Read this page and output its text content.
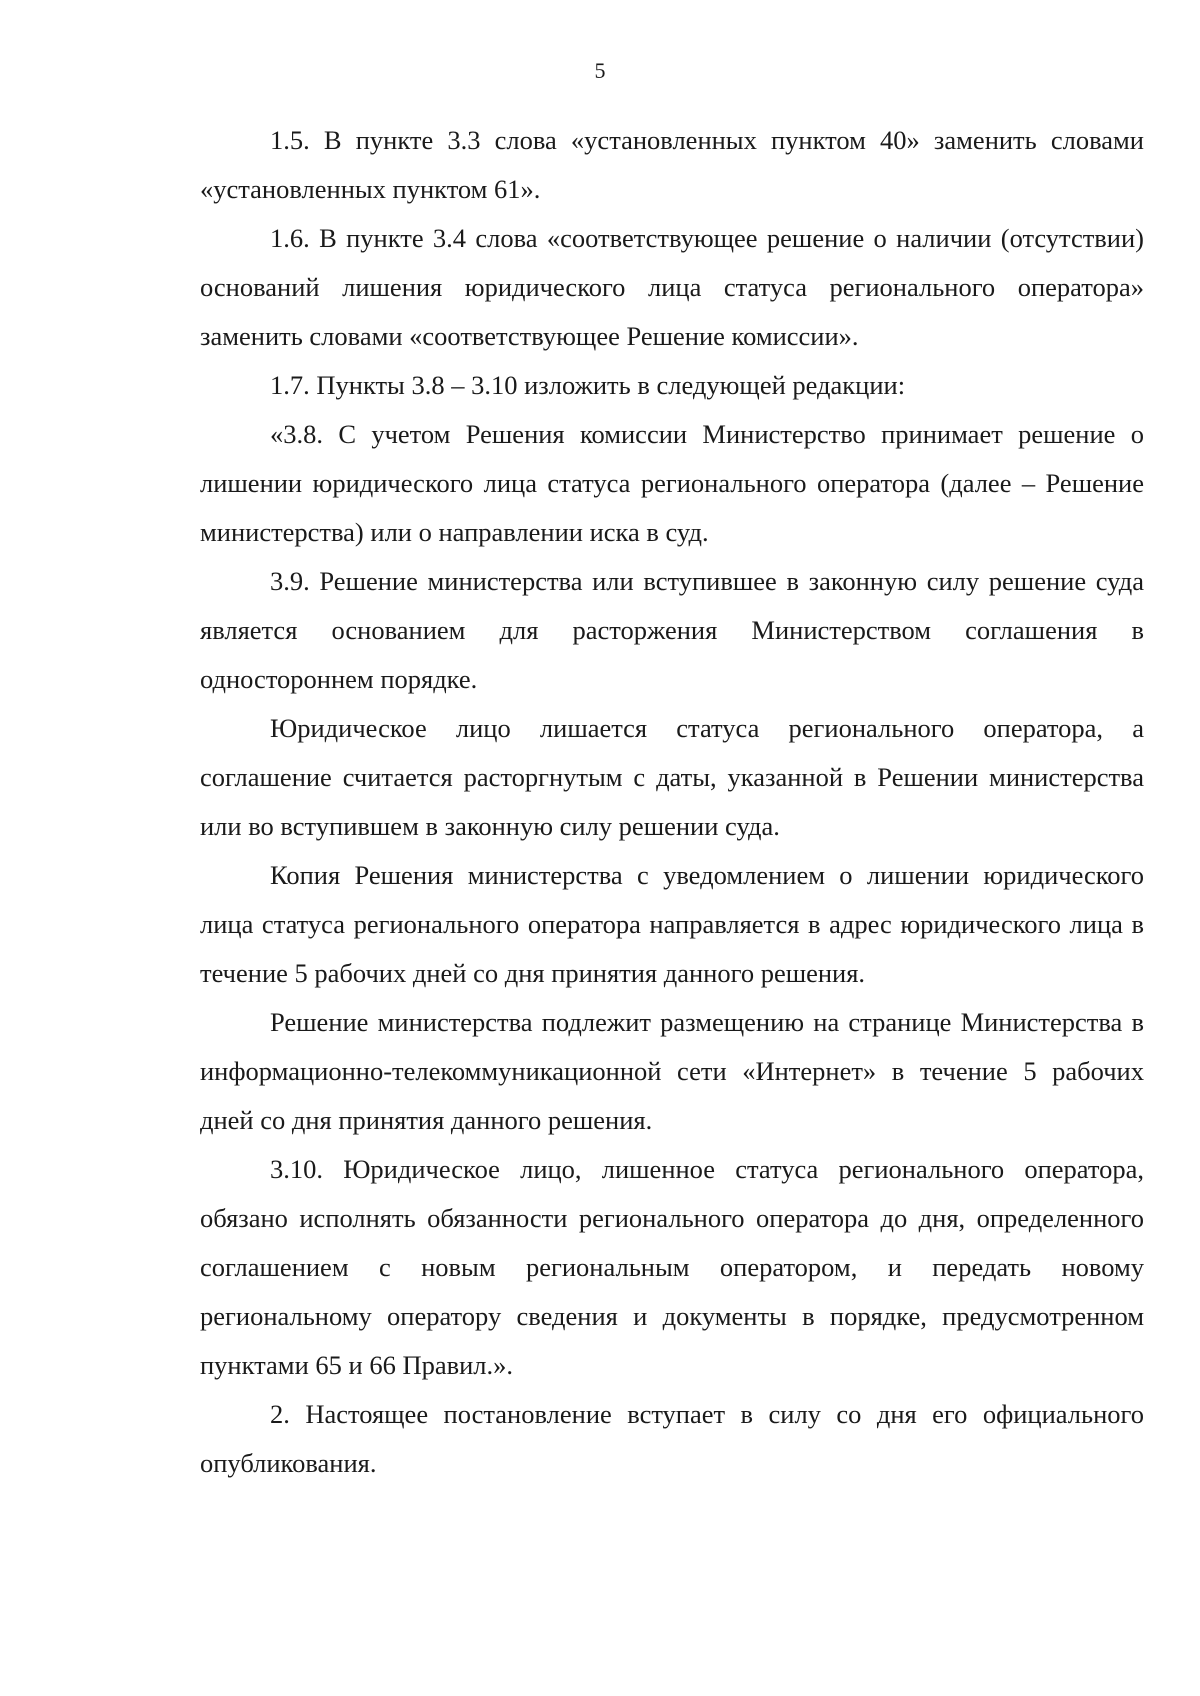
5

1.5. В пункте 3.3 слова «установленных пунктом 40» заменить словами «установленных пунктом 61».

1.6. В пункте 3.4 слова «соответствующее решение о наличии (отсутствии) оснований лишения юридического лица статуса регионального оператора» заменить словами «соответствующее Решение комиссии».

1.7. Пункты 3.8 – 3.10 изложить в следующей редакции:

«3.8. С учетом Решения комиссии Министерство принимает решение о лишении юридического лица статуса регионального оператора (далее – Решение министерства) или о направлении иска в суд.

3.9. Решение министерства или вступившее в законную силу решение суда является основанием для расторжения Министерством соглашения в одностороннем порядке.

Юридическое лицо лишается статуса регионального оператора, а соглашение считается расторгнутым с даты, указанной в Решении министерства или во вступившем в законную силу решении суда.

Копия Решения министерства с уведомлением о лишении юридического лица статуса регионального оператора направляется в адрес юридического лица в течение 5 рабочих дней со дня принятия данного решения.

Решение министерства подлежит размещению на странице Министерства в информационно-телекоммуникационной сети «Интернет» в течение 5 рабочих дней со дня принятия данного решения.

3.10. Юридическое лицо, лишенное статуса регионального оператора, обязано исполнять обязанности регионального оператора до дня, определенного соглашением с новым региональным оператором, и передать новому региональному оператору сведения и документы в порядке, предусмотренном пунктами 65 и 66 Правил.».

2. Настоящее постановление вступает в силу со дня его официального опубликования.
